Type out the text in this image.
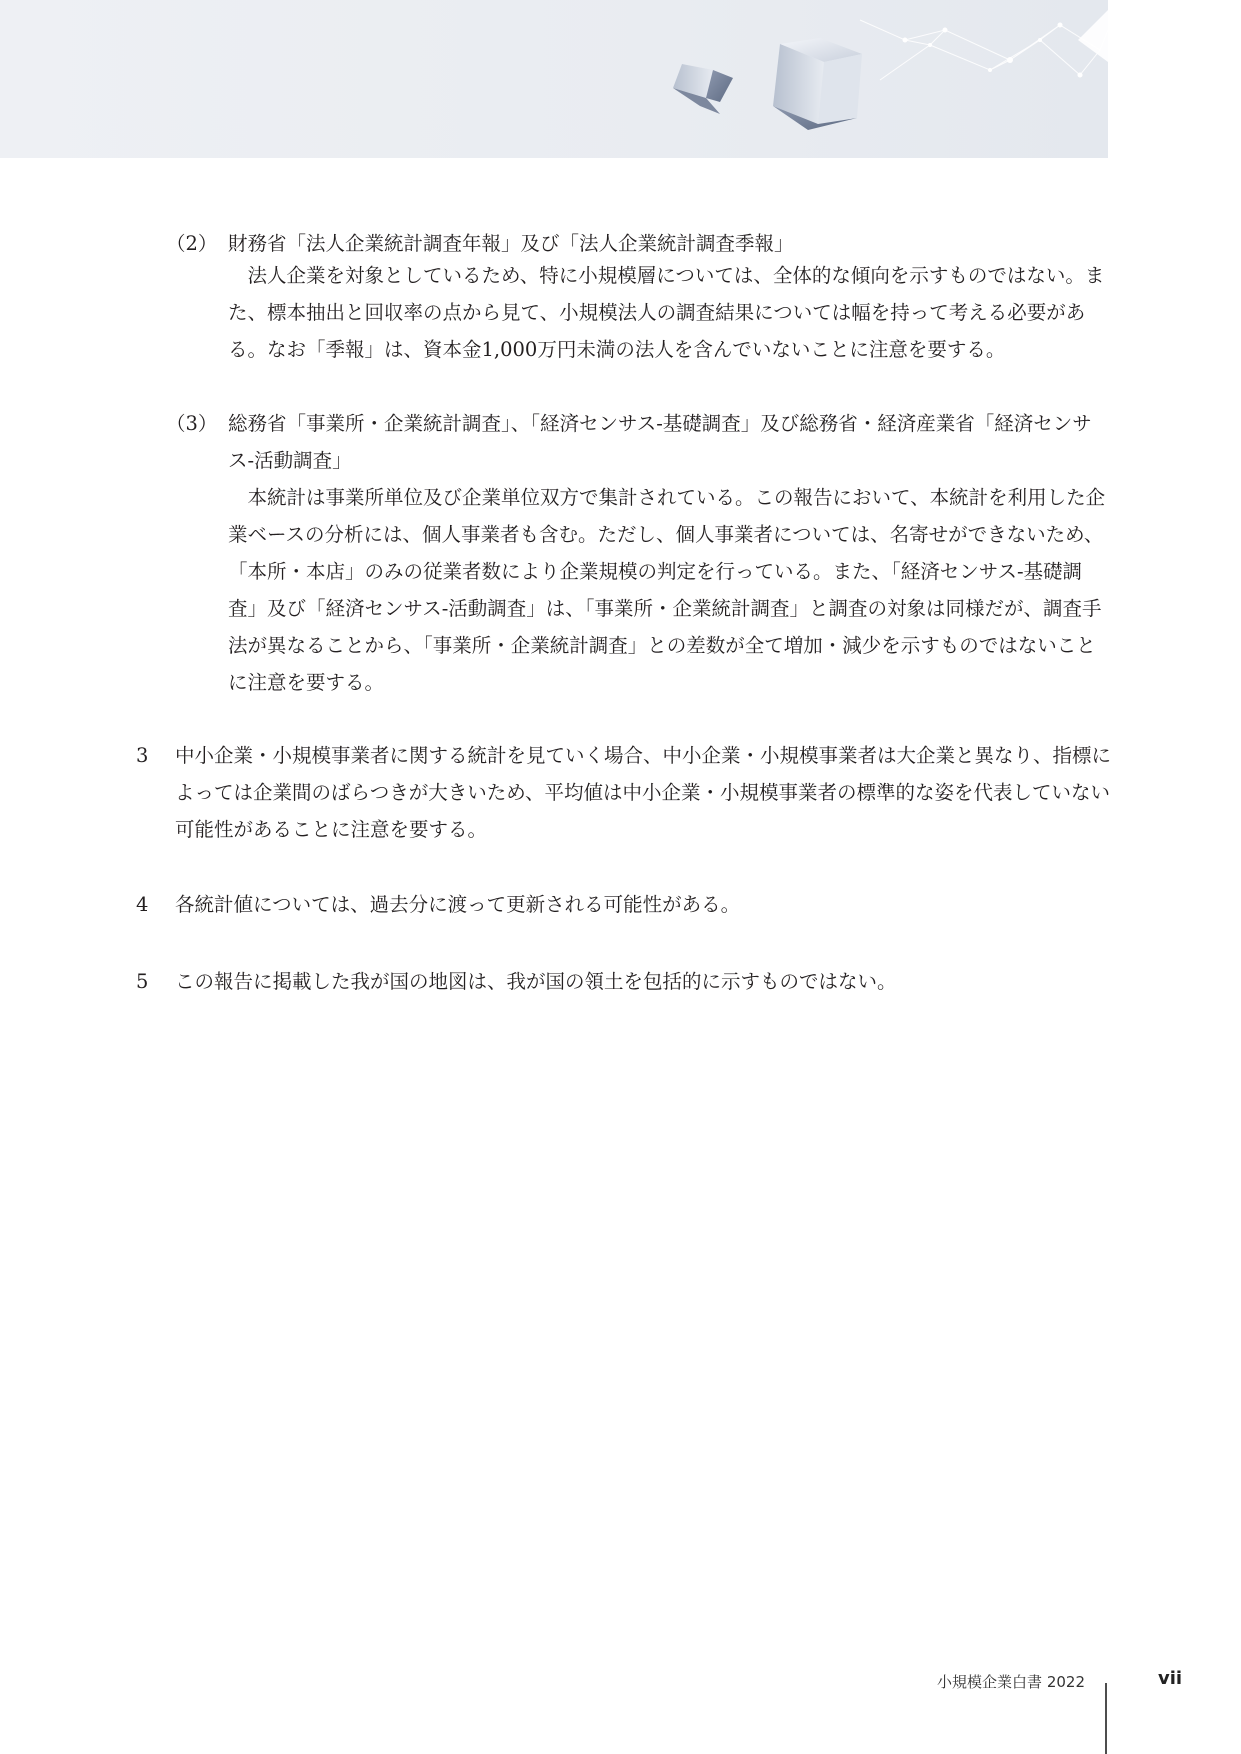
（2） 財務省「法人企業統計調査年報」及び「法人企業統計調査季報」

法人企業を対象としているため、特に小規模層については、全体的な傾向を示すものではない。また、標本抽出と回収率の点から見て、小規模法人の調査結果については幅を持って考える必要がある。なお「季報」は、資本金1,000万円未満の法人を含んでいないことに注意を要する。

（3） 総務省「事業所・企業統計調査」、「経済センサス‐基礎調査」及び総務省・経済産業省「経済センサス‐活動調査」

本統計は事業所単位及び企業単位双方で集計されている。この報告において、本統計を利用した企業ベースの分析には、個人事業者も含む。ただし、個人事業者については、名寄せができないため、「本所・本店」のみの従業者数により企業規模の判定を行っている。また、「経済センサス‐基礎調査」及び「経済センサス‐活動調査」は、「事業所・企業統計調査」と調査の対象は同様だが、調査手法が異なることから、「事業所・企業統計調査」との差数が全て増加・減少を示すものではないことに注意を要する。

3 中小企業・小規模事業者に関する統計を見ていく場合、中小企業・小規模事業者は大企業と異なり、指標によっては企業間のばらつきが大きいため、平均値は中小企業・小規模事業者の標準的な姿を代表していない可能性があることに注意を要する。

4 各統計値については、過去分に渡って更新される可能性がある。

5 この報告に掲載した我が国の地図は、我が国の領土を包括的に示すものではない。

小規模企業白書 2022	vii
